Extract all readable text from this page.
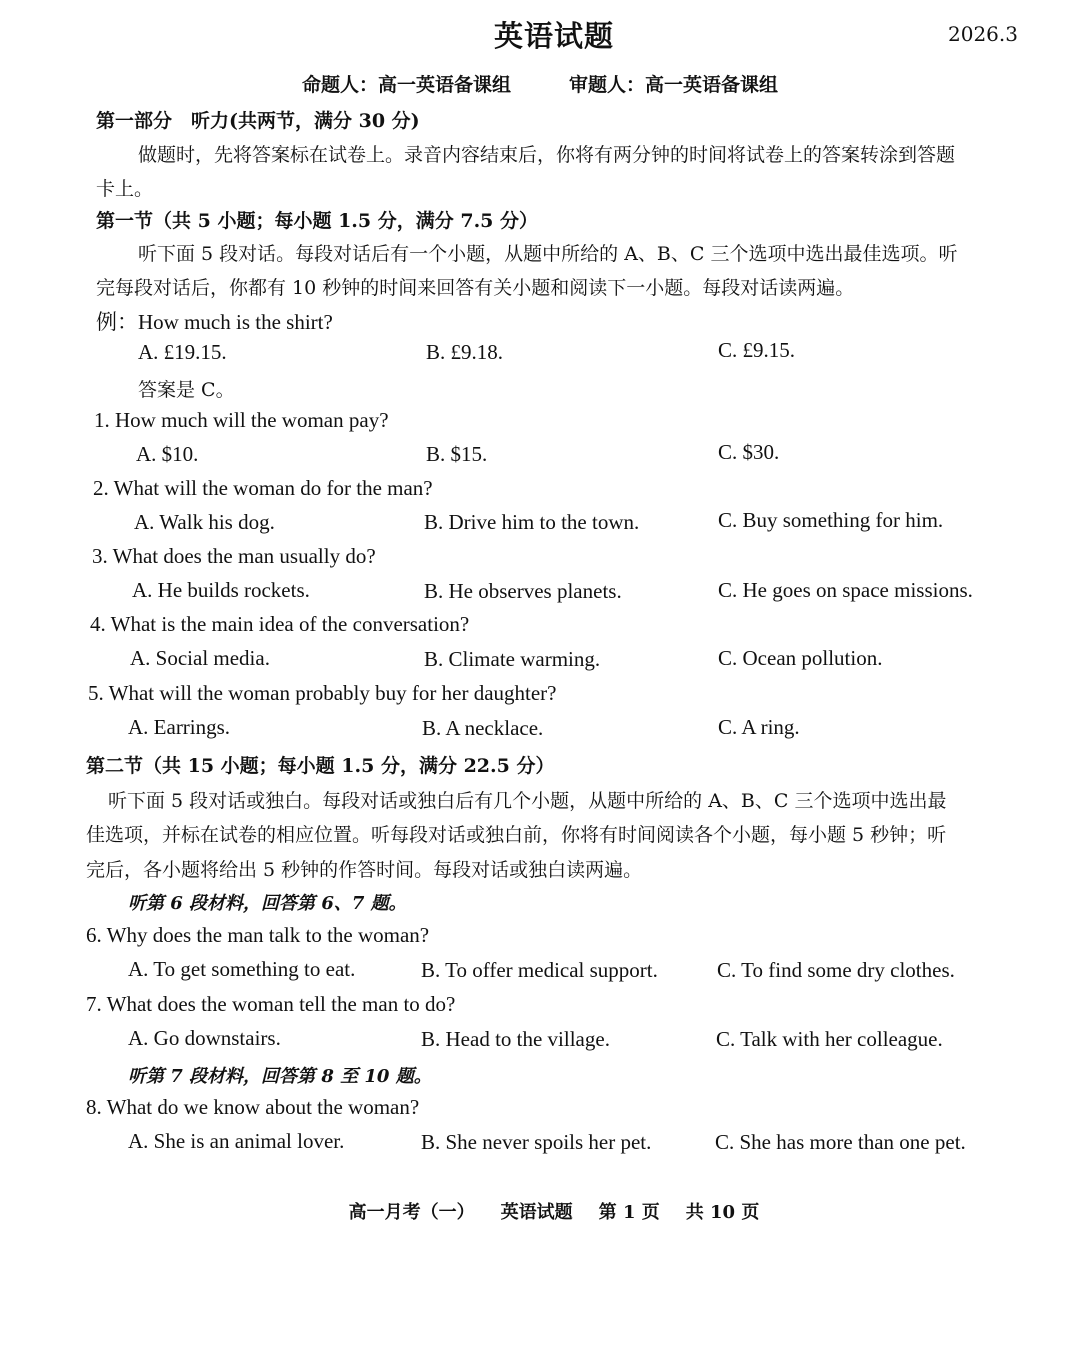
英语试题	2026.3
命题人：高一英语备课组	审题人：高一英语备课组
第一部分　听力(共两节，满分 30 分)
做题时，先将答案标在试卷上。录音内容结束后，你将有两分钟的时间将试卷上的答案转涂到答题
卡上。
第一节（共 5 小题；每小题 1.5 分，满分 7.5 分）
听下面 5 段对话。每段对话后有一个小题，从题中所给的 A、B、C 三个选项中选出最佳选项。听
完每段对话后，你都有 10 秒钟的时间来回答有关小题和阅读下一小题。每段对话读两遍。
例：How much is the shirt?
A. £19.15.	B. £9.18.	C. £9.15.
答案是 C。
1. How much will the woman pay?
A. $10.	B. $15.	C. $30.
2. What will the woman do for the man?
A. Walk his dog.	B. Drive him to the town.	C. Buy something for him.
3. What does the man usually do?
A. He builds rockets.	B. He observes planets.	C. He goes on space missions.
4. What is the main idea of the conversation?
A. Social media.	B. Climate warming.	C. Ocean pollution.
5. What will the woman probably buy for her daughter?
A. Earrings.	B. A necklace.	C. A ring.
第二节（共 15 小题；每小题 1.5 分，满分 22.5 分）
听下面 5 段对话或独白。每段对话或独白后有几个小题，从题中所给的 A、B、C 三个选项中选出最
佳选项，并标在试卷的相应位置。听每段对话或独白前，你将有时间阅读各个小题，每小题 5 秒钟；听
完后，各小题将给出 5 秒钟的作答时间。每段对话或独白读两遍。
听第 6 段材料，回答第 6、7 题。
6. Why does the man talk to the woman?
A. To get something to eat.	B. To offer medical support.	C. To find some dry clothes.
7. What does the woman tell the man to do?
A. Go downstairs.	B. Head to the village.	C. Talk with her colleague.
听第 7 段材料，回答第 8 至 10 题。
8. What do we know about the woman?
A. She is an animal lover.	B. She never spoils her pet.	C. She has more than one pet.
高一月考（一） 英语试题 第 1 页 共 10 页
